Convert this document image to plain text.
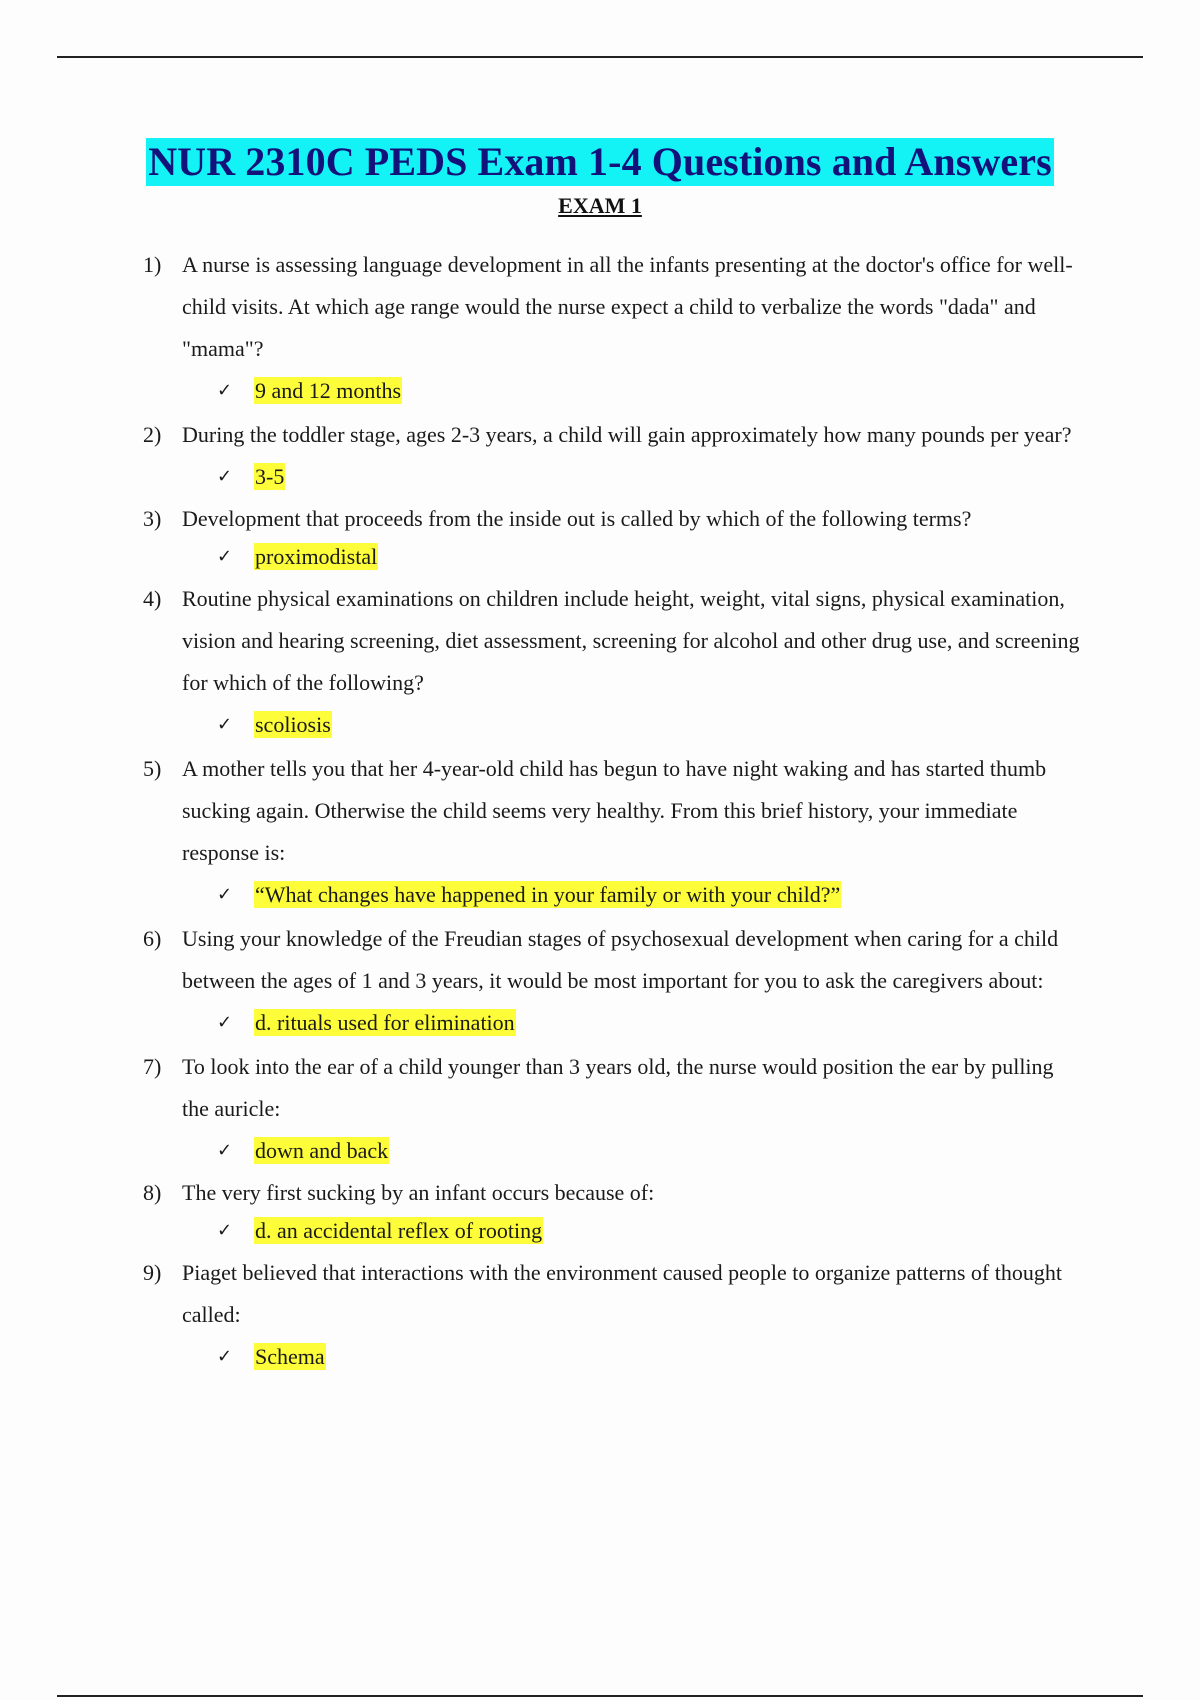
NUR 2310C PEDS Exam 1-4 Questions and Answers
EXAM 1
1) A nurse is assessing language development in all the infants presenting at the doctor's office for well-child visits. At which age range would the nurse expect a child to verbalize the words "dada" and "mama"?
✓ 9 and 12 months
2) During the toddler stage, ages 2-3 years, a child will gain approximately how many pounds per year?
✓ 3-5
3) Development that proceeds from the inside out is called by which of the following terms?
✓ proximodistal
4) Routine physical examinations on children include height, weight, vital signs, physical examination, vision and hearing screening, diet assessment, screening for alcohol and other drug use, and screening for which of the following?
✓ scoliosis
5) A mother tells you that her 4-year-old child has begun to have night waking and has started thumb sucking again. Otherwise the child seems very healthy. From this brief history, your immediate response is:
✓ “What changes have happened in your family or with your child?”
6) Using your knowledge of the Freudian stages of psychosexual development when caring for a child between the ages of 1 and 3 years, it would be most important for you to ask the caregivers about:
✓ d. rituals used for elimination
7) To look into the ear of a child younger than 3 years old, the nurse would position the ear by pulling the auricle:
✓ down and back
8) The very first sucking by an infant occurs because of:
✓ d. an accidental reflex of rooting
9) Piaget believed that interactions with the environment caused people to organize patterns of thought called:
✓ Schema
